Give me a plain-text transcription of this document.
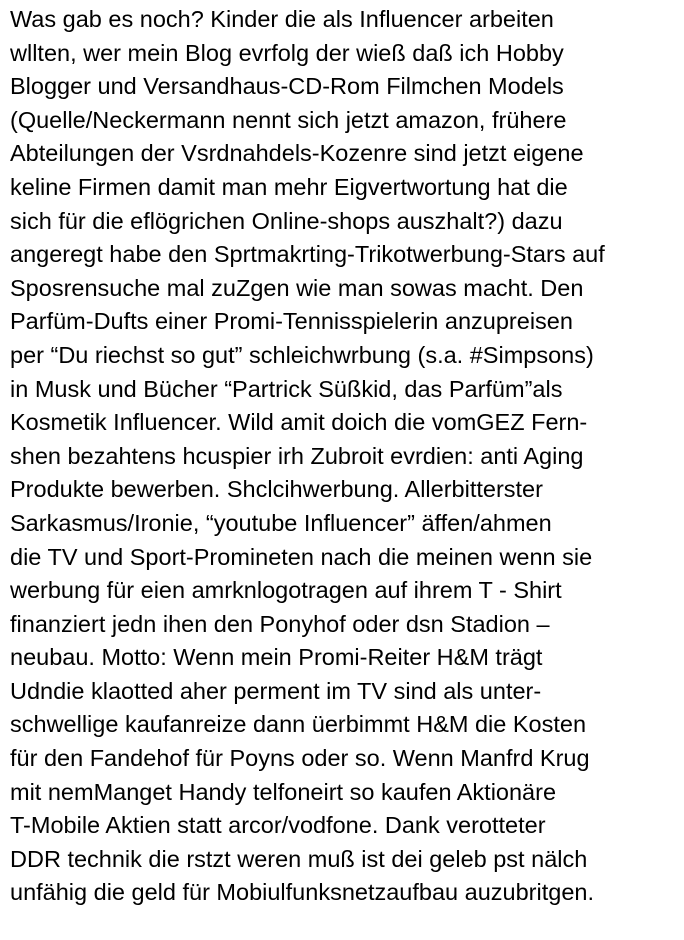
Was gab es noch? Kinder die als Influencer arbeiten
wllten, wer mein Blog evrfolg der wieß daß ich Hobby
Blogger und Versandhaus-CD-Rom Filmchen Models
(Quelle/Neckermann nennt sich jetzt amazon, frühere
Abteilungen der Vsrdnahdels-Kozenre sind jetzt eigene
keline Firmen damit man mehr Eigvertwortung hat die
sich für die eflögrichen Online-shops auszhalt?) dazu
angeregt habe den Sprtmakrting-Trikotwerbung-Stars auf
Sposrensuche mal zuZgen wie man sowas macht. Den
Parfüm-Dufts einer Promi-Tennisspielerin anzupreisen
per “Du riechst so gut” schleichwrbung (s.a. #Simpsons)
in Musk und Bücher “Partrick Süßkid, das Parfüm”als
Kosmetik Influencer. Wild amit doich die vomGEZ Fern-
shen bezahtens hcuspier irh Zubroit evrdien: anti Aging
Produkte bewerben. Shclcihwerbung. Allerbitterster
Sarkasmus/Ironie, “youtube Influencer” äffen/ahmen
die TV und Sport-Promineten nach die meinen wenn sie
werbung für eien amrknlogotragen auf ihrem T - Shirt
finanziert jedn ihen den Ponyhof oder dsn Stadion –
neubau. Motto: Wenn mein Promi-Reiter H&M trägt
Udndie klaotted aher perment im TV sind als unter-
schwellige kaufanreize dann üerbimmt H&M die Kosten
für den Fandehof für Poyns oder so. Wenn Manfrd Krug
mit nemManget Handy telfoneirt so kaufen Aktionäre
T-Mobile Aktien statt arcor/vodfone. Dank verotteter
DDR technik die rstzt weren muß ist dei geleb pst nälch
unfähig die geld für Mobiulfunksnetzaufbau auzubritgen.
